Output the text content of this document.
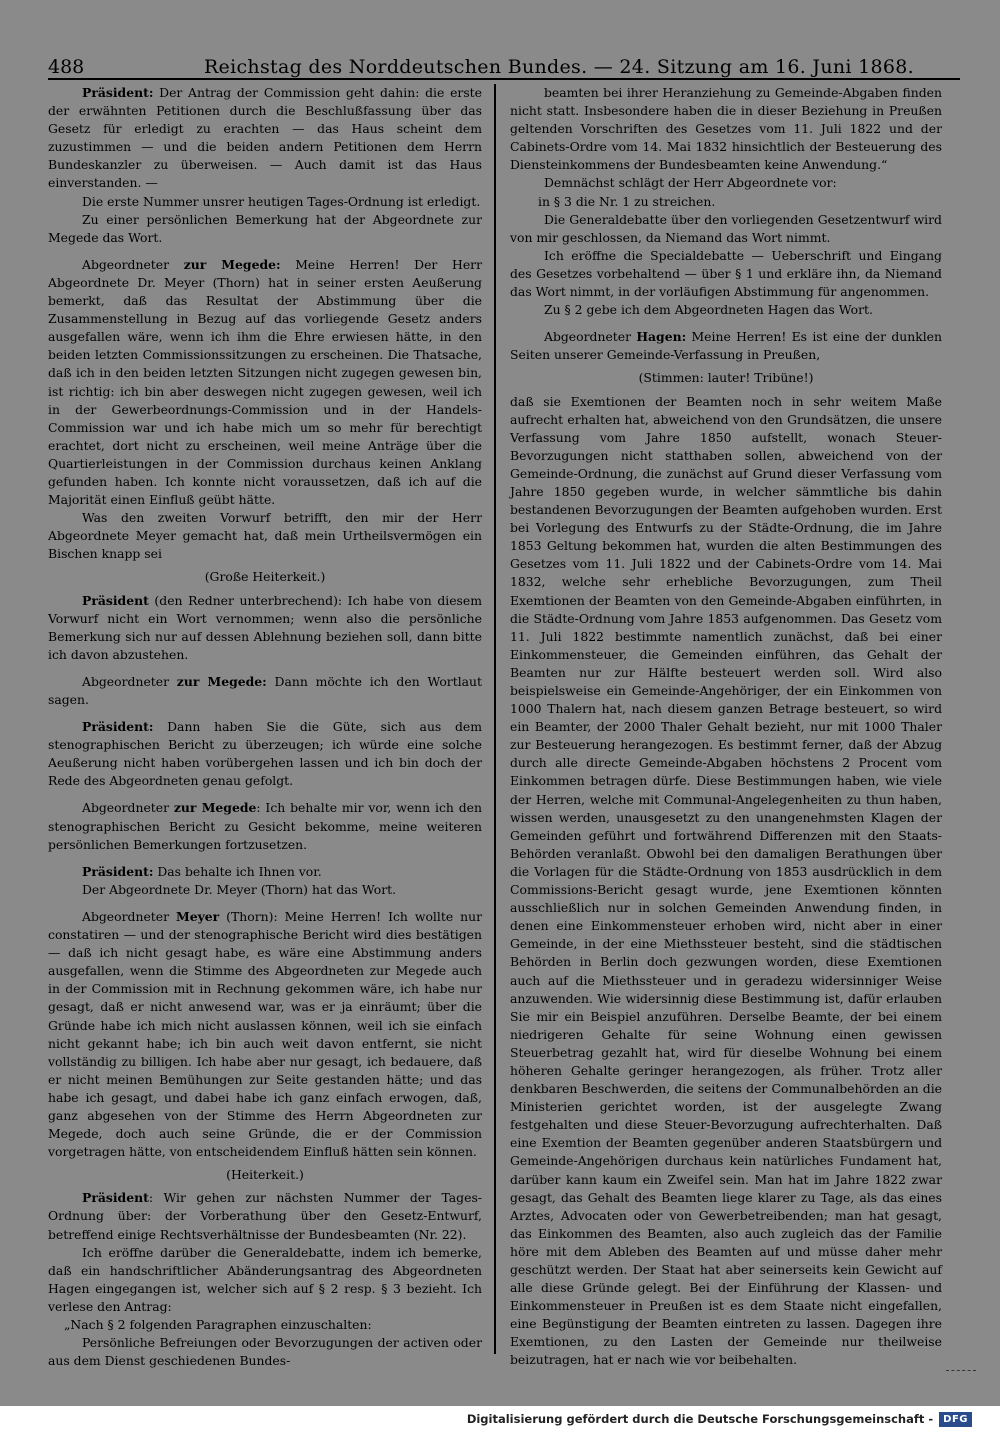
488	Reichstag des Norddeutschen Bundes. — 24. Sitzung am 16. Juni 1868.

Präsident: Der Antrag der Commission geht dahin: die erste der erwähnten Petitionen durch die Beschlußfassung über das Gesetz für erledigt zu erachten — das Haus scheint dem zuzustimmen — und die beiden andern Petitionen dem Herrn Bundeskanzler zu überweisen. — Auch damit ist das Haus einverstanden. —

Die erste Nummer unsrer heutigen Tages-Ordnung ist erledigt.

Zu einer persönlichen Bemerkung hat der Abgeordnete zur Megede das Wort.

Abgeordneter zur Megede: Meine Herren! Der Herr Abgeordnete Dr. Meyer (Thorn) hat in seiner ersten Aeußerung bemerkt, daß das Resultat der Abstimmung über die Zusammenstellung in Bezug auf das vorliegende Gesetz anders ausgefallen wäre, wenn ich ihm die Ehre erwiesen hätte, in den beiden letzten Commissionssitzungen zu erscheinen. Die Thatsache, daß ich in den beiden letzten Sitzungen nicht zugegen gewesen bin, ist richtig: ich bin aber deswegen nicht zugegen gewesen, weil ich in der Gewerbeordnungs-Commission und in der Handels-Commission war und ich habe mich um so mehr für berechtigt erachtet, dort nicht zu erscheinen, weil meine Anträge über die Quartierleistungen in der Commission durchaus keinen Anklang gefunden haben. Ich konnte nicht voraussetzen, daß ich auf die Majorität einen Einfluß geübt hätte.

Was den zweiten Vorwurf betrifft, den mir der Herr Abgeordnete Meyer gemacht hat, daß mein Urtheilsvermögen ein Bischen knapp sei

(Große Heiterkeit.)

Präsident (den Redner unterbrechend): Ich habe von diesem Vorwurf nicht ein Wort vernommen; wenn also die persönliche Bemerkung sich nur auf dessen Ablehnung beziehen soll, dann bitte ich davon abzustehen.

Abgeordneter zur Megede: Dann möchte ich den Wortlaut sagen.

Präsident: Dann haben Sie die Güte, sich aus dem stenographischen Bericht zu überzeugen; ich würde eine solche Aeußerung nicht haben vorübergehen lassen und ich bin doch der Rede des Abgeordneten genau gefolgt.

Abgeordneter zur Megede: Ich behalte mir vor, wenn ich den stenographischen Bericht zu Gesicht bekomme, meine weiteren persönlichen Bemerkungen fortzusetzen.

Präsident: Das behalte ich Ihnen vor.

Der Abgeordnete Dr. Meyer (Thorn) hat das Wort.

Abgeordneter Meyer (Thorn): Meine Herren! Ich wollte nur constatiren — und der stenographische Bericht wird dies bestätigen — daß ich nicht gesagt habe, es wäre eine Abstimmung anders ausgefallen, wenn die Stimme des Abgeordneten zur Megede auch in der Commission mit in Rechnung gekommen wäre, ich habe nur gesagt, daß er nicht anwesend war, was er ja einräumt; über die Gründe habe ich mich nicht auslassen können, weil ich sie einfach nicht gekannt habe; ich bin auch weit davon entfernt, sie nicht vollständig zu billigen. Ich habe aber nur gesagt, ich bedauere, daß er nicht meinen Bemühungen zur Seite gestanden hätte; und das habe ich gesagt, und dabei habe ich ganz einfach erwogen, daß, ganz abgesehen von der Stimme des Herrn Abgeordneten zur Megede, doch auch seine Gründe, die er der Commission vorgetragen hätte, von entscheidendem Einfluß hätten sein können.

(Heiterkeit.)

Präsident: Wir gehen zur nächsten Nummer der Tages-Ordnung über: der Vorberathung über den Gesetz-Entwurf, betreffend einige Rechtsverhältnisse der Bundesbeamten (Nr. 22).

Ich eröffne darüber die Generaldebatte, indem ich bemerke, daß ein handschriftlicher Abänderungsantrag des Abgeordneten Hagen eingegangen ist, welcher sich auf § 2 resp. § 3 bezieht. Ich verlese den Antrag:

„Nach § 2 folgenden Paragraphen einzuschalten:

Persönliche Befreiungen oder Bevorzugungen der activen oder aus dem Dienst geschiedenen Bundes-

beamten bei ihrer Heranziehung zu Gemeinde-Abgaben finden nicht statt. Insbesondere haben die in dieser Beziehung in Preußen geltenden Vorschriften des Gesetzes vom 11. Juli 1822 und der Cabinets-Ordre vom 14. Mai 1832 hinsichtlich der Besteuerung des Diensteinkommens der Bundesbeamten keine Anwendung.“

Demnächst schlägt der Herr Abgeordnete vor:

in § 3 die Nr. 1 zu streichen.

Die Generaldebatte über den vorliegenden Gesetzentwurf wird von mir geschlossen, da Niemand das Wort nimmt.

Ich eröffne die Specialdebatte — Ueberschrift und Eingang des Gesetzes vorbehaltend — über § 1 und erkläre ihn, da Niemand das Wort nimmt, in der vorläufigen Abstimmung für angenommen.

Zu § 2 gebe ich dem Abgeordneten Hagen das Wort.

Abgeordneter Hagen: Meine Herren! Es ist eine der dunklen Seiten unserer Gemeinde-Verfassung in Preußen,

(Stimmen: lauter! Tribüne!)

daß sie Exemtionen der Beamten noch in sehr weitem Maße aufrecht erhalten hat, abweichend von den Grundsätzen, die unsere Verfassung vom Jahre 1850 aufstellt, wonach Steuer-Bevorzugungen nicht statthaben sollen, abweichend von der Gemeinde-Ordnung, die zunächst auf Grund dieser Verfassung vom Jahre 1850 gegeben wurde, in welcher sämmtliche bis dahin bestandenen Bevorzugungen der Beamten aufgehoben wurden. Erst bei Vorlegung des Entwurfs zu der Städte-Ordnung, die im Jahre 1853 Geltung bekommen hat, wurden die alten Bestimmungen des Gesetzes vom 11. Juli 1822 und der Cabinets-Ordre vom 14. Mai 1832, welche sehr erhebliche Bevorzugungen, zum Theil Exemtionen der Beamten von den Gemeinde-Abgaben einführten, in die Städte-Ordnung vom Jahre 1853 aufgenommen. Das Gesetz vom 11. Juli 1822 bestimmte namentlich zunächst, daß bei einer Einkommensteuer, die Gemeinden einführen, das Gehalt der Beamten nur zur Hälfte besteuert werden soll. Wird also beispielsweise ein Gemeinde-Angehöriger, der ein Einkommen von 1000 Thalern hat, nach diesem ganzen Betrage besteuert, so wird ein Beamter, der 2000 Thaler Gehalt bezieht, nur mit 1000 Thaler zur Besteuerung herangezogen. Es bestimmt ferner, daß der Abzug durch alle directe Gemeinde-Abgaben höchstens 2 Procent vom Einkommen betragen dürfe. Diese Bestimmungen haben, wie viele der Herren, welche mit Communal-Angelegenheiten zu thun haben, wissen werden, unausgesetzt zu den unangenehmsten Klagen der Gemeinden geführt und fortwährend Differenzen mit den Staats-Behörden veranlaßt. Obwohl bei den damaligen Berathungen über die Vorlagen für die Städte-Ordnung von 1853 ausdrücklich in dem Commissions-Bericht gesagt wurde, jene Exemtionen könnten ausschließlich nur in solchen Gemeinden Anwendung finden, in denen eine Einkommensteuer erhoben wird, nicht aber in einer Gemeinde, in der eine Miethssteuer besteht, sind die städtischen Behörden in Berlin doch gezwungen worden, diese Exemtionen auch auf die Miethssteuer und in geradezu widersinniger Weise anzuwenden. Wie widersinnig diese Bestimmung ist, dafür erlauben Sie mir ein Beispiel anzuführen. Derselbe Beamte, der bei einem niedrigeren Gehalte für seine Wohnung einen gewissen Steuerbetrag gezahlt hat, wird für dieselbe Wohnung bei einem höheren Gehalte geringer herangezogen, als früher. Trotz aller denkbaren Beschwerden, die seitens der Communalbehörden an die Ministerien gerichtet worden, ist der ausgelegte Zwang festgehalten und diese Steuer-Bevorzugung aufrechterhalten. Daß eine Exemtion der Beamten gegenüber anderen Staatsbürgern und Gemeinde-Angehörigen durchaus kein natürliches Fundament hat, darüber kann kaum ein Zweifel sein. Man hat im Jahre 1822 zwar gesagt, das Gehalt des Beamten liege klarer zu Tage, als das eines Arztes, Advocaten oder von Gewerbetreibenden; man hat gesagt, das Einkommen des Beamten, also auch zugleich das der Familie höre mit dem Ableben des Beamten auf und müsse daher mehr geschützt werden. Der Staat hat aber seinerseits kein Gewicht auf alle diese Gründe gelegt. Bei der Einführung der Klassen- und Einkommensteuer in Preußen ist es dem Staate nicht eingefallen, eine Begünstigung der Beamten eintreten zu lassen. Dagegen ihre Exemtionen, zu den Lasten der Gemeinde nur theilweise beizutragen, hat er nach wie vor beibehalten.

Digitalisierung gefördert durch die Deutsche Forschungsgemeinschaft -	DFG
